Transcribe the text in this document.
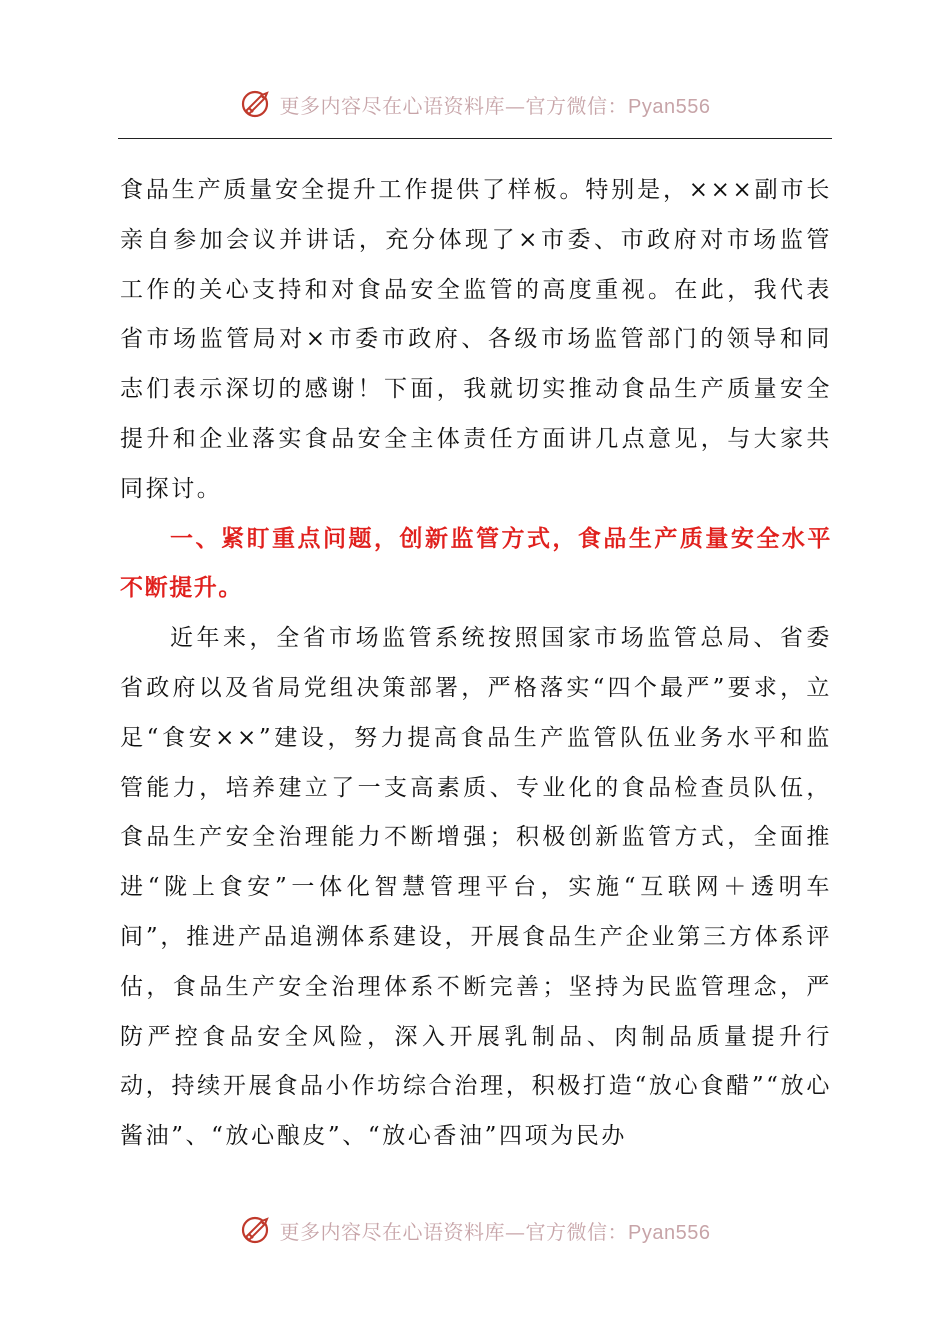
更多内容尽在心语资料库—官方微信：Pyan556

食品生产质量安全提升工作提供了样板。特别是，×××副市长亲自参加会议并讲话，充分体现了×市委、市政府对市场监管工作的关心支持和对食品安全监管的高度重视。在此，我代表省市场监管局对×市委市政府、各级市场监管部门的领导和同志们表示深切的感谢！下面，我就切实推动食品生产质量安全提升和企业落实食品安全主体责任方面讲几点意见，与大家共同探讨。

一、紧盯重点问题，创新监管方式，食品生产质量安全水平不断提升。

近年来，全省市场监管系统按照国家市场监管总局、省委省政府以及省局党组决策部署，严格落实“四个最严”要求，立足“食安××”建设，努力提高食品生产监管队伍业务水平和监管能力，培养建立了一支高素质、专业化的食品检查员队伍，食品生产安全治理能力不断增强；积极创新监管方式，全面推进“陇上食安”一体化智慧管理平台，实施“互联网＋透明车间”，推进产品追溯体系建设，开展食品生产企业第三方体系评估，食品生产安全治理体系不断完善；坚持为民监管理念，严防严控食品安全风险，深入开展乳制品、肉制品质量提升行动，持续开展食品小作坊综合治理，积极打造“放心食醋”“放心酱油”、“放心酿皮”、“放心香油”四项为民办

更多内容尽在心语资料库—官方微信：Pyan556
